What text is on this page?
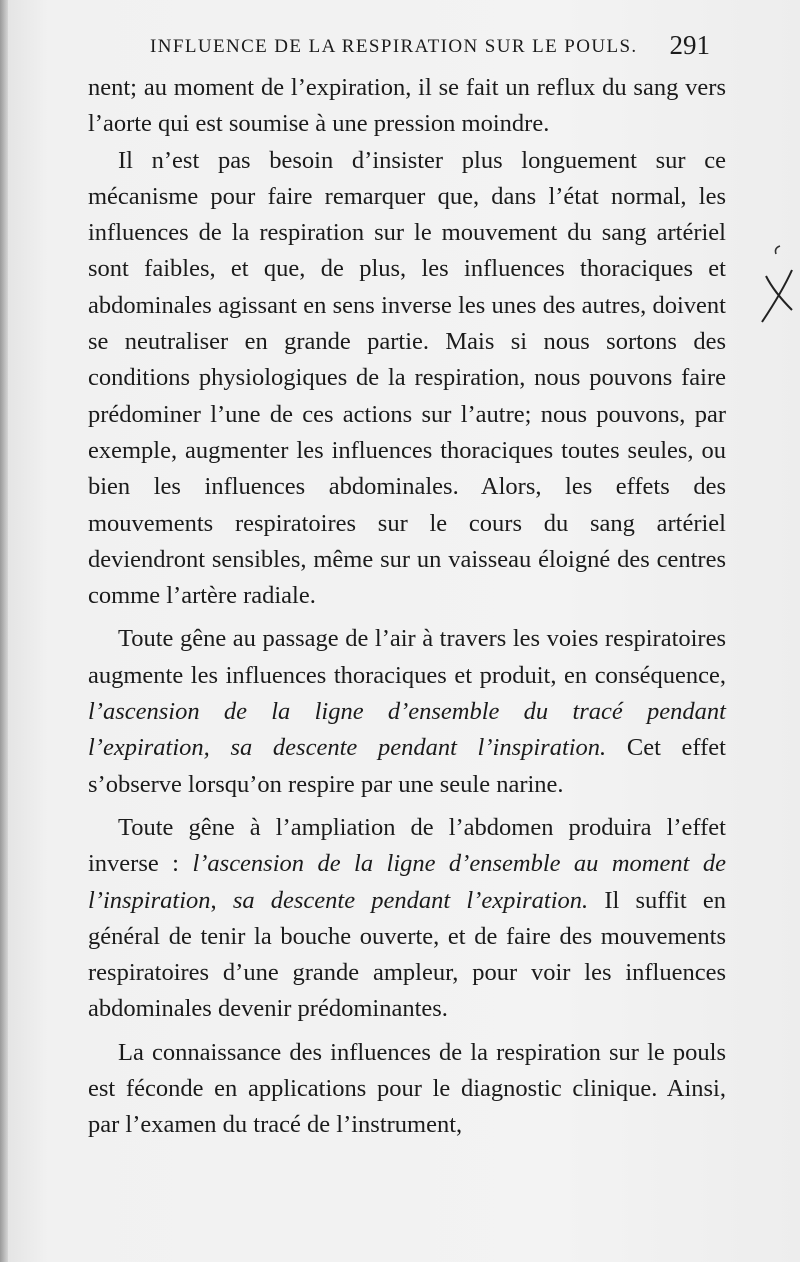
INFLUENCE DE LA RESPIRATION SUR LE POULS. 291

nent; au moment de l’expiration, il se fait un reflux du sang vers l’aorte qui est soumise à une pression moindre.

Il n’est pas besoin d’insister plus longuement sur ce mécanisme pour faire remarquer que, dans l’état normal, les influences de la respiration sur le mouvement du sang artériel sont faibles, et que, de plus, les influences thoraciques et abdominales agissant en sens inverse les unes des autres, doivent se neutraliser en grande partie. Mais si nous sortons des conditions physiologiques de la respiration, nous pouvons faire prédominer l’une de ces actions sur l’autre; nous pouvons, par exemple, augmenter les influences thoraciques toutes seules, ou bien les influences abdominales. Alors, les effets des mouvements respiratoires sur le cours du sang artériel deviendront sensibles, même sur un vaisseau éloigné des centres comme l’artère radiale.

Toute gêne au passage de l’air à travers les voies respiratoires augmente les influences thoraciques et produit, en conséquence, l’ascension de la ligne d’ensemble du tracé pendant l’expiration, sa descente pendant l’inspiration. Cet effet s’observe lorsqu’on respire par une seule narine.

Toute gêne à l’ampliation de l’abdomen produira l’effet inverse : l’ascension de la ligne d’ensemble au moment de l’inspiration, sa descente pendant l’expiration. Il suffit en général de tenir la bouche ouverte, et de faire des mouvements respiratoires d’une grande ampleur, pour voir les influences abdominales devenir prédominantes.

La connaissance des influences de la respiration sur le pouls est féconde en applications pour le diagnostic clinique. Ainsi, par l’examen du tracé de l’instrument,
